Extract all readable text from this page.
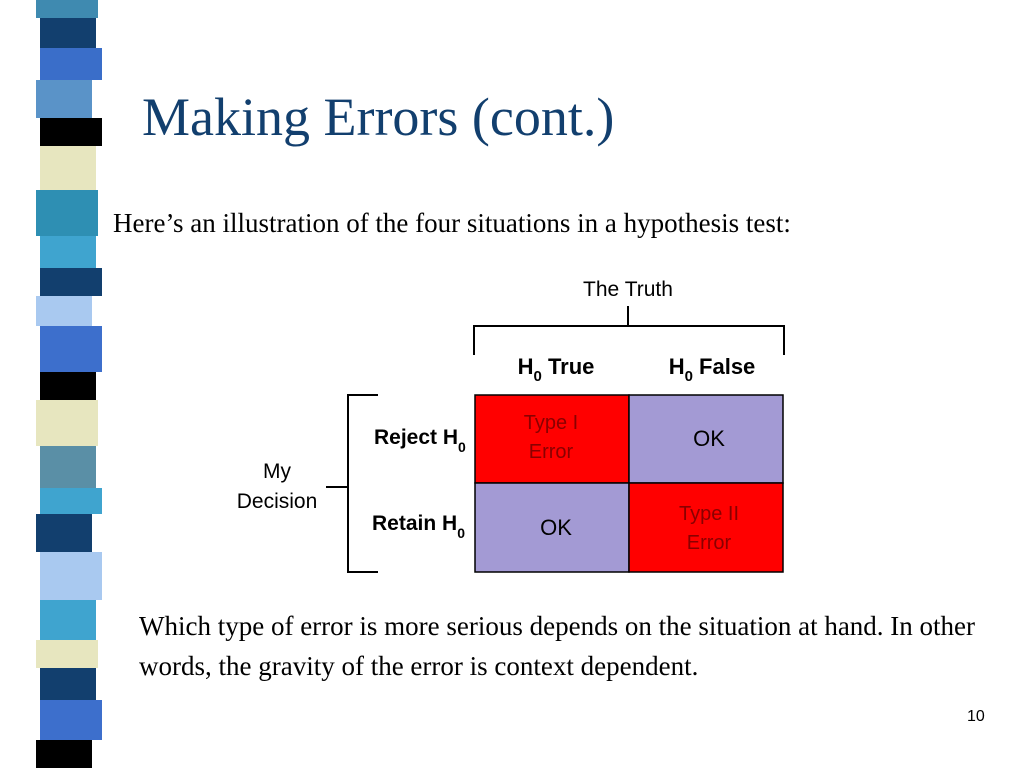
Making Errors (cont.)
Here’s an illustration of the four situations in a hypothesis test:
The Truth
$H_0$ True	$H_0$ False
My
Decision
Reject $H_0$
Retain $H_0$
Type I
Error
OK
OK
Type II
Error
Which type of error is more serious depends on the situation at hand. In other words, the gravity of the error is context dependent.
10
